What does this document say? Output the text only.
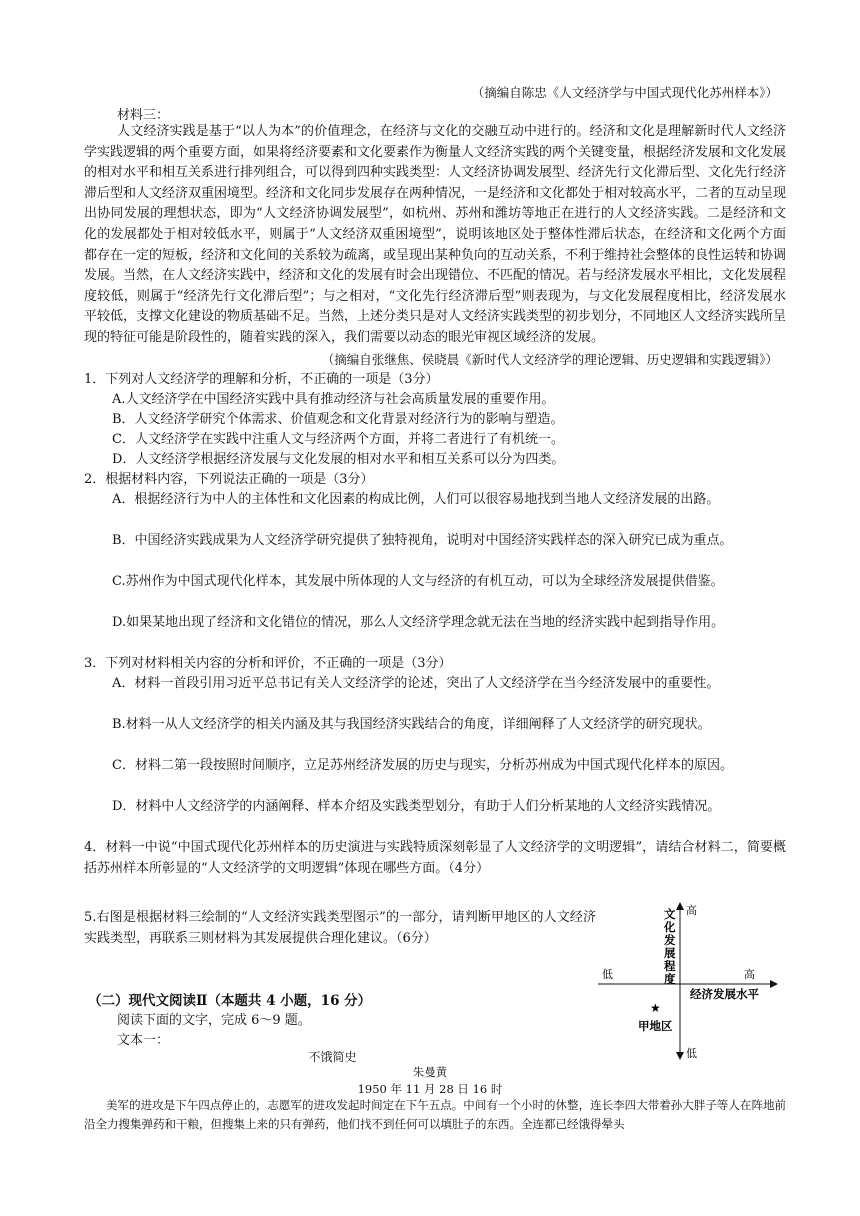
（摘编自陈忠《人文经济学与中国式现代化苏州样本》）
材料三：

人文经济实践是基于“以人为本”的价值理念，在经济与文化的交融互动中进行的。经济和文化是理解新时代人文经济学实践逻辑的两个重要方面，如果将经济要素和文化要素作为衡量人文经济实践的两个关键变量，根据经济发展和文化发展的相对水平和相互关系进行排列组合，可以得到四种实践类型：人文经济协调发展型、经济先行文化滞后型、文化先行经济滞后型和人文经济双重困境型。经济和文化同步发展存在两种情况，一是经济和文化都处于相对较高水平，二者的互动呈现出协同发展的理想状态，即为“人文经济协调发展型”，如杭州、苏州和潍坊等地正在进行的人文经济实践。二是经济和文化的发展都处于相对较低水平，则属于“人文经济双重困境型”，说明该地区处于整体性滞后状态，在经济和文化两个方面都存在一定的短板，经济和文化间的关系较为疏离，或呈现出某种负向的互动关系，不利于维持社会整体的良性运转和协调发展。当然，在人文经济实践中，经济和文化的发展有时会出现错位、不匹配的情况。若与经济发展水平相比，文化发展程度较低，则属于“经济先行文化滞后型”；与之相对，“文化先行经济滞后型”则表现为，与文化发展程度相比，经济发展水平较低，支撑文化建设的物质基础不足。当然，上述分类只是对人文经济实践类型的初步划分，不同地区人文经济实践所呈现的特征可能是阶段性的，随着实践的深入，我们需要以动态的眼光审视区域经济的发展。

（摘编自张继焦、侯晓晨《新时代人文经济学的理论逻辑、历史逻辑和实践逻辑》）
1．下列对人文经济学的理解和分析，不正确的一项是（3分）

A.人文经济学在中国经济实践中具有推动经济与社会高质量发展的重要作用。

B．人文经济学研究个体需求、价值观念和文化背景对经济行为的影响与塑造。

C．人文经济学在实践中注重人文与经济两个方面，并将二者进行了有机统一。

D．人文经济学根据经济发展与文化发展的相对水平和相互关系可以分为四类。

2．根据材料内容，下列说法正确的一项是（3分）

A．根据经济行为中人的主体性和文化因素的构成比例，人们可以很容易地找到当地人文经济发展的出路。

B．中国经济实践成果为人文经济学研究提供了独特视角，说明对中国经济实践样态的深入研究已成为重点。

C.苏州作为中国式现代化样本，其发展中所体现的人文与经济的有机互动，可以为全球经济发展提供借鉴。

D.如果某地出现了经济和文化错位的情况，那么人文经济学理念就无法在当地的经济实践中起到指导作用。

3．下列对材料相关内容的分析和评价，不正确的一项是（3分）

A．材料一首段引用习近平总书记有关人文经济学的论述，突出了人文经济学在当今经济发展中的重要性。

B.材料一从人文经济学的相关内涵及其与我国经济实践结合的角度，详细阐释了人文经济学的研究现状。

C．材料二第一段按照时间顺序，立足苏州经济发展的历史与现实，分析苏州成为中国式现代化样本的原因。

D．材料中人文经济学的内涵阐释、样本介绍及实践类型划分，有助于人们分析某地的人文经济实践情况。

4．材料一中说“中国式现代化苏州样本的历史演进与实践特质深刻彰显了人文经济学的文明逻辑”，请结合材料二，简要概括苏州样本所彰显的“人文经济学的文明逻辑”体现在哪些方面。（4分）

5.右图是根据材料三绘制的“人文经济实践类型图示”的一部分，请判断甲地区的人文经济实践类型，再联系三则材料为其发展提供合理化建议。（6分）

高
低
低	高
文化发展程度
经济发展水平
★
甲地区
（二）现代文阅读Ⅱ（本题共 4 小题，16 分）
阅读下面的文字，完成 6～9 题。
文本一：
不饿简史
朱曼黄
1950 年 11 月 28 日 16 时

美军的进攻是下午四点停止的，志愿军的进攻发起时间定在下午五点。中间有一个小时的休整，连长李四大带着孙大胖子等人在阵地前沿全力搜集弹药和干粮，但搜集上来的只有弹药，他们找不到任何可以填肚子的东西。全连都已经饿得晕头
